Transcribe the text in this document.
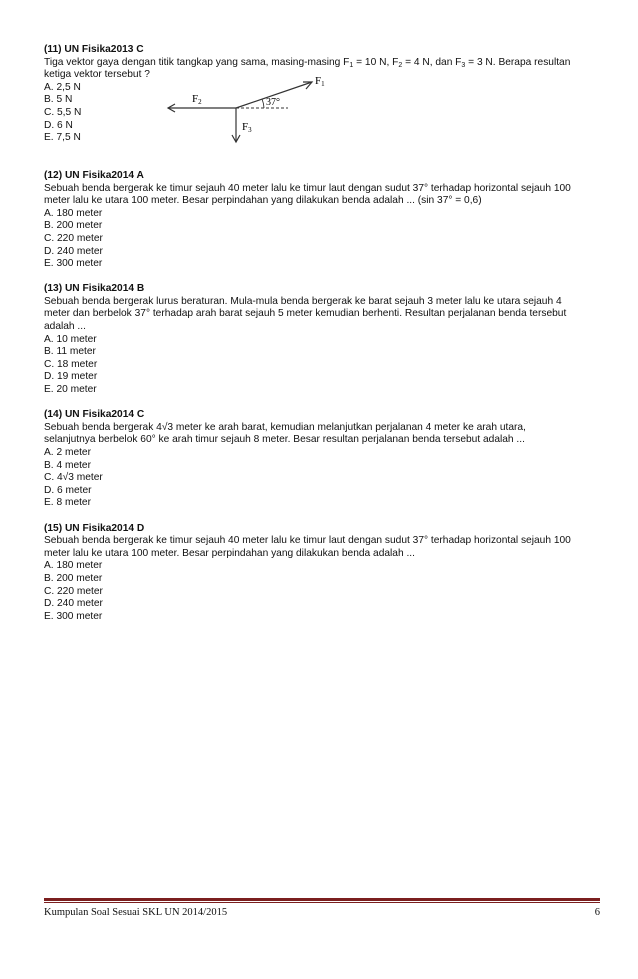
(11) UN Fisika2013 C
Tiga vektor gaya dengan titik tangkap yang sama, masing-masing $F_1 = 10$ N, $F_2 = 4$ N, dan $F_3 = 3$ N. Berapa resultan
ketiga vektor tersebut ?
A. 2,5 N
B. 5 N
C. 5,5 N
D. 6 N
E. 7,5 N
F2
F1
F3
37°
(12) UN Fisika2014 A
Sebuah benda bergerak ke timur sejauh 40 meter lalu ke timur laut dengan sudut 37° terhadap horizontal sejauh 100
meter lalu ke utara 100 meter. Besar perpindahan yang dilakukan benda adalah ... (sin 37° = 0,6)
A. 180 meter
B. 200 meter
C. 220 meter
D. 240 meter
E. 300 meter
(13) UN Fisika2014 B
Sebuah benda bergerak lurus beraturan. Mula-mula benda bergerak ke barat sejauh 3 meter lalu ke utara sejauh 4
meter dan berbelok 37° terhadap arah barat sejauh 5 meter kemudian berhenti. Resultan perjalanan benda tersebut
adalah ...
A. 10 meter
B. 11 meter
C. 18 meter
D. 19 meter
E. 20 meter
(14) UN Fisika2014 C
Sebuah benda bergerak 4√3 meter ke arah barat, kemudian melanjutkan perjalanan 4 meter ke arah utara,
selanjutnya berbelok 60° ke arah timur sejauh 8 meter. Besar resultan perjalanan benda tersebut adalah ...
A. 2 meter
B. 4 meter
C. 4√3 meter
D. 6 meter
E. 8 meter
(15) UN Fisika2014 D
Sebuah benda bergerak ke timur sejauh 40 meter lalu ke timur laut dengan sudut 37° terhadap horizontal sejauh 100
meter lalu ke utara 100 meter. Besar perpindahan yang dilakukan benda adalah ...
A. 180 meter
B. 200 meter
C. 220 meter
D. 240 meter
E. 300 meter
Kumpulan Soal Sesuai SKL UN 2014/2015	6
